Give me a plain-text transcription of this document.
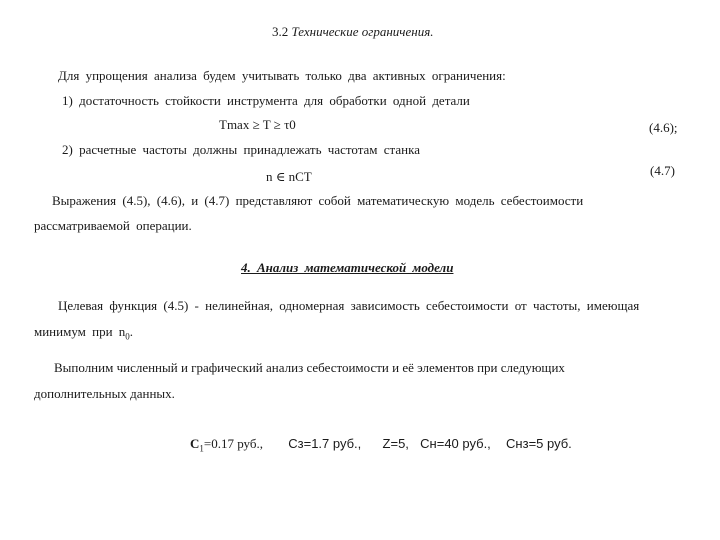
3.2 Технические ограничения.
Для упрощения анализа будем учитывать только два активных ограничения:
1) достаточность стойкости инструмента для обработки одной детали
Tmax ≥ T ≥ τ0	(4.6);
2) расчетные частоты должны принадлежать частотам станка
n ∈ nCT	(4.7)
Выражения (4.5), (4.6), и (4.7) представляют собой математическую модель себестоимости
рассматриваемой операции.
4. Анализ математической модели
Целевая функция (4.5) - нелинейная, одномерная зависимость себестоимости от частоты, имеющая
минимум при $n_0$.
Выполним численный и графический анализ себестоимости и её элементов при следующих
дополнительных данных.
$C_1=0.17$ руб., Cз=1.7 руб., Z=5, Cн=40 руб., Cнз=5 руб.
